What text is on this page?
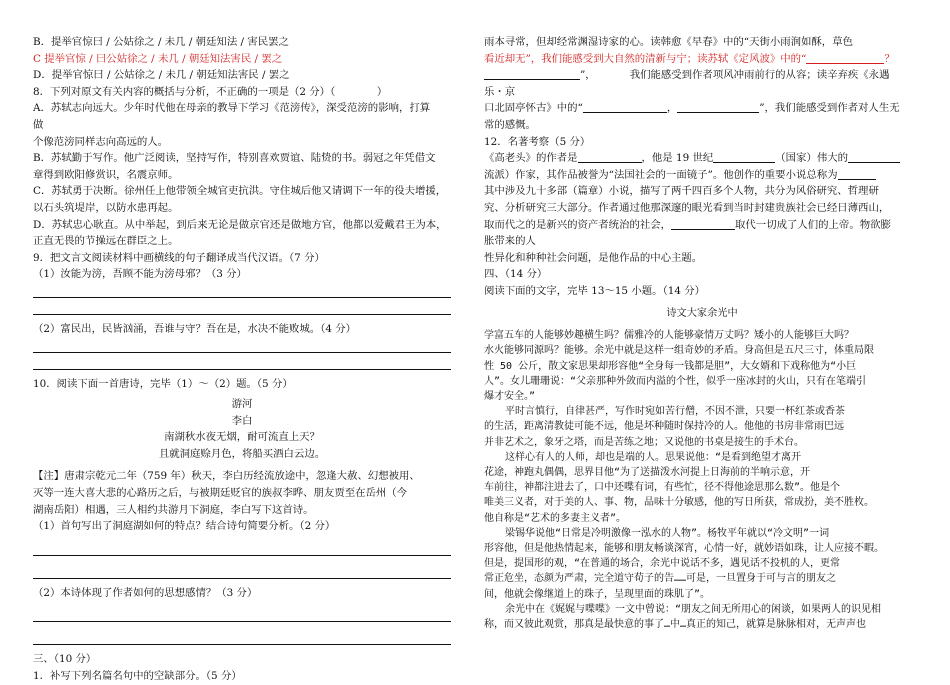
B．提举官惊曰 / 公姑徐之 / 未几 / 朝廷知法 / 害民罢之
C 提举官惊 / 曰公姑徐之 / 未几 / 朝廷知法害民 / 罢之
D．提举官惊曰 / 公姑徐之 / 未几 / 朝廷知法害民 / 罢之
8．下列对原文有关内容的概括与分析，不正确的一项是（2 分）（　　　　）
A．苏轼志向远大。少年时代他在母亲的教导下学习《范滂传》，深受范滂的影响，打算
做
个像范滂同样志向高远的人。
B．苏轼勤于写作。他广泛阅读，坚持写作，特别喜欢贾谊、陆贽的书。弱冠之年凭借文
章得到欧阳修赏识，名震京师。
C．苏轼勇于决断。徐州任上他带领全城官吏抗洪。守住城后他又请调下一年的役夫增援，
以石头筑堤岸，以防水患再起。
D．苏轼忠心耿直。从中举起，到后来无论是做京官还是做地方官，他都以爱戴君王为本，
正直无畏的节操远在群臣之上。
9．把文言文阅读材料中画横线的句子翻译成当代汉语。（7 分）
（1）汝能为滂，吾顾不能为滂母邪？（3 分）
（2）富民出，民皆汹涌，吾谁与守？吾在是，水决不能败城。（4 分）
10．阅读下面一首唐诗，完毕（1）～（2）题。（5 分）
游河
李白
南湖秋水夜无烟，耐可流直上天？
且就洞庭赊月色，将船买酒白云边。
【注】唐肃宗乾元二年（759 年）秋天，李白历经流放途中，忽逢大赦、幻想被用、
灭等一连大喜大悲的心路历之后，与被期廷贬官的族叔李晔、朋友贾至在岳州（今
湖南岳阳）相遇，三人相约共游月下洞庭，李白写下这首诗。
（1）首句写出了洞庭湖如何的特点？结合诗句简要分析。（2 分）
（2）本诗体现了作者如何的思想感情？（3 分）
三、（10 分）
1．补写下列名篇名句中的空缺部分。（5 分）
雨本寻常，但却经常渊湿诗家的心。读韩愈《早春》中的“天街小雨润如酥，草色
看近却无”，我们能感受到大自然的清新与宁；读苏轼《定风波》中的“	？
”，	我们能感受到作者项风冲雨前行的从容；读辛弃疾《永遇
乐・京
口北固亭怀古》中的“	，	”，我们能感受到作者对人生无
常的感慨。
12．名著考察（5 分）
《高老头》的作者是	，他是 19 世纪	（国家）伟大的
流派）作家，其作品被誉为“法国社会的一面镜子”。他创作的重要小说总称为
其中涉及九十多部（篇章）小说，描写了两千四百多个人物，共分为风俗研究、哲理研
究、分析研究三大部分。作者通过他那深邃的眼光看到当时封建贵族社会已经日薄西山，
取而代之的是新兴的资产者统治的社会，	取代一切成了人们的上帝。物欲膨
胀带来的人
性异化和种种社会问题，是他作品的中心主题。
四、（14 分）
阅读下面的文字，完毕 13～15 小题。（14 分）
诗文大家余光中
学富五车的人能够妙趣横生吗？儒雅冷的人能够豪情万丈吗？矮小的人能够巨大吗？
水火能够同源吗？能够。余光中就是这样一组奇妙的矛盾。身高但是五尺三寸，体重局限
性 50 公斤，散文家思果却形容他“全身每一钱都是胆”，大女婿和下戏称他为“小巨
人”。女儿珊珊说：“父亲那种外敛而内溢的个性，似乎一座冰封的火山，只有在笔端引
爆才安全。”
平时言慎行，自律甚严，写作时宛如苦行僧，不因不泄，只要一杯红茶或香茶
的生活，距离清教徒可能不远，他是坏种随时保持冷的人。他他的书房非常雨巴远
并非艺术之，象牙之塔，而是苦练之地；又说他的书桌是接生的手术台。
这样心有人的人师，却也是端的人。思果说他：“是看到绝望才离开
花途，神跑丸偶偶，思界目他“为了送描泼水河提上日海前的半响示意，开
车前往，神都注进去了，口中还喋有词，有些忙，径不得他途思那么数”。他是个
唯美三义者，对于美的人、事、物，品味十分敏感，他的写日所获，常成扮，美不胜枚。
他自称是“艺术的多妻主义者”。
梁锡华说他“日常是冷明激像一泓水的人物”。杨牧平年就以“冷文明”一词
形容他，但是他热情起来，能够和朋友畅谈深宵，心情一好，就妙语如珠，让人应接不暇。
但是，提国形的观，“在普通的场合，余光中说话不多，遇见话不投机的人，更常
常正危坐，态颜为严肃，完全道守荀子的告……可是，一旦置身于可与言的朋友之
间，他就会像继道上的珠子，呈现里面的珠肌了”。
余光中在《娓娓与喋喋》一文中曾说：“朋友之间无所用心的闲谈，如果两人的识见相
称，而又彼此观赏，那真是最快意的事了…中…真正的知己，就算是脉脉相对，无声声也
